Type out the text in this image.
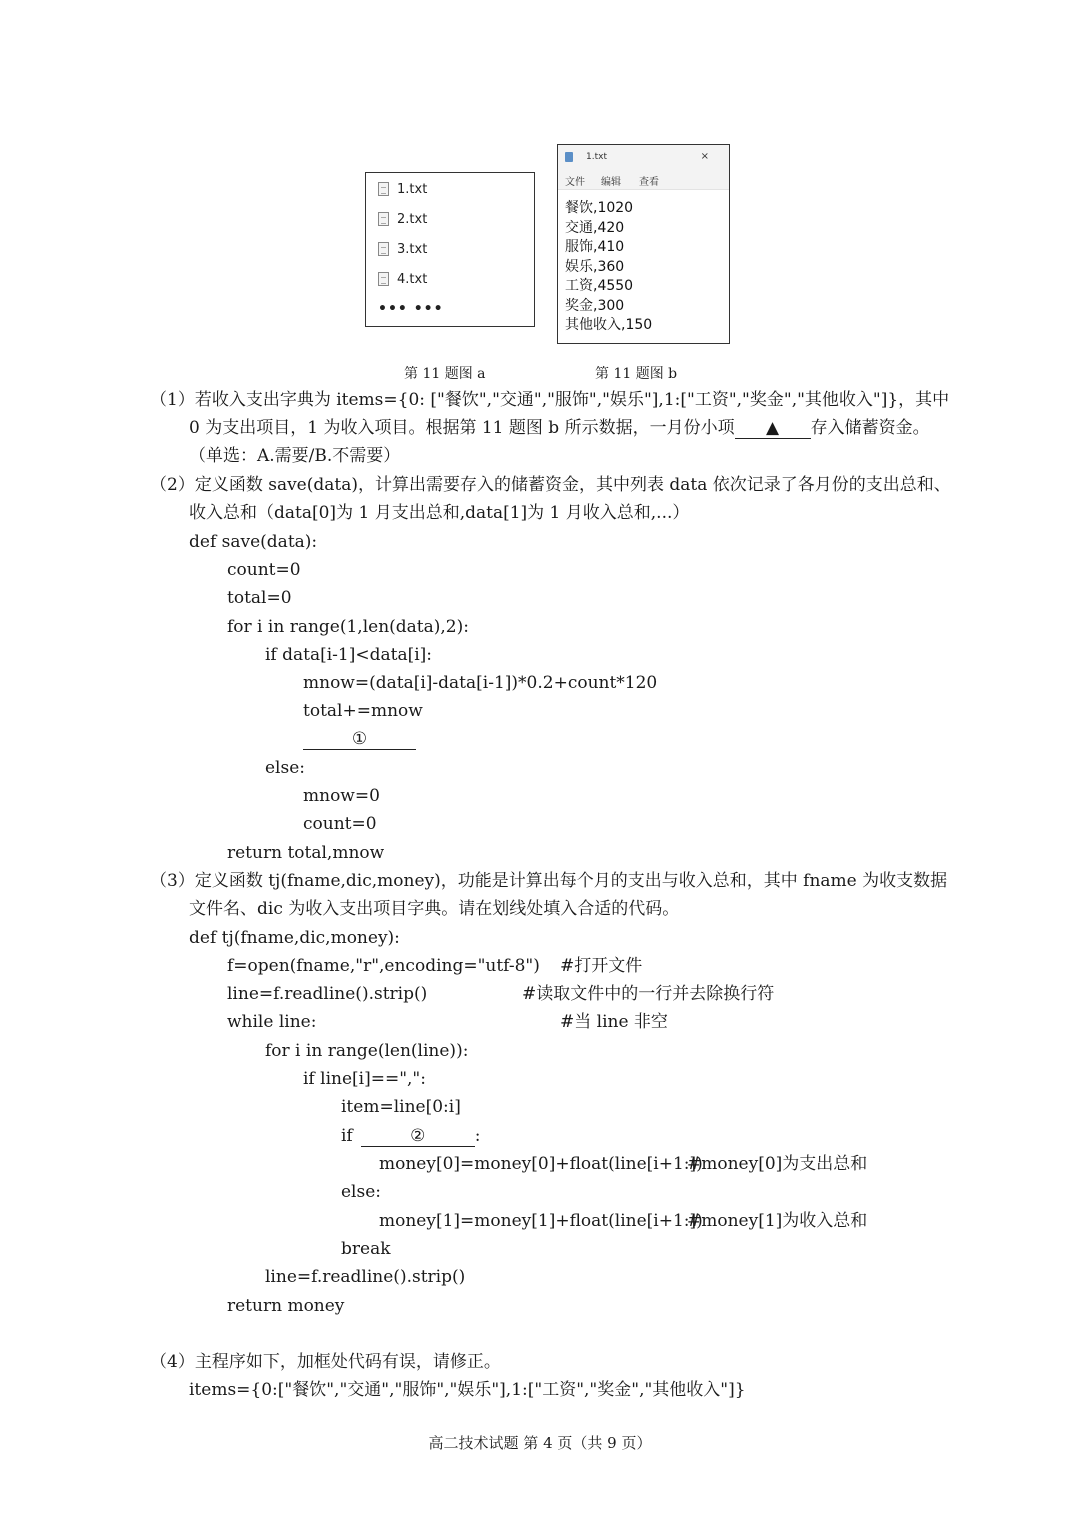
1.txt
2.txt
3.txt
4.txt
••• •••
1.txt	×
文件 编辑 查看
餐饮,1020
交通,420
服饰,410
娱乐,360
工资,4550
奖金,300
其他收入,150
第 11 题图 a	第 11 题图 b
（1）若收入支出字典为 items={0: ["餐饮","交通","服饰","娱乐"],1:["工资","奖金","其他收入"]}，其中
0 为支出项目，1 为收入项目。根据第 11 题图 b 所示数据，一月份小项 ▲ 存入储蓄资金。
（单选：A.需要/B.不需要）
（2）定义函数 save(data)，计算出需要存入的储蓄资金，其中列表 data 依次记录了各月份的支出总和、
收入总和（data[0]为 1 月支出总和,data[1]为 1 月收入总和,...）
def save(data):
count=0
total=0
for i in range(1,len(data),2):
if data[i-1]<data[i]:
mnow=(data[i]-data[i-1])*0.2+count*120
total+=mnow
①
else:
mnow=0
count=0
return total,mnow
（3）定义函数 tj(fname,dic,money)，功能是计算出每个月的支出与收入总和，其中 fname 为收支数据
文件名、dic 为收入支出项目字典。请在划线处填入合适的代码。
def tj(fname,dic,money):
f=open(fname,"r",encoding="utf-8") #打开文件
line=f.readline().strip()	#读取文件中的一行并去除换行符
while line:	#当 line 非空
for i in range(len(line)):
if line[i]==",":
item=line[0:i]
if	②	:
money[0]=money[0]+float(line[i+1:])
#money[0]为支出总和
else:
money[1]=money[1]+float(line[i+1:])
#money[1]为收入总和
break
line=f.readline().strip()
return money
（4）主程序如下，加框处代码有误，请修正。
items={0:["餐饮","交通","服饰","娱乐"],1:["工资","奖金","其他收入"]}
高二技术试题 第 4 页（共 9 页）
